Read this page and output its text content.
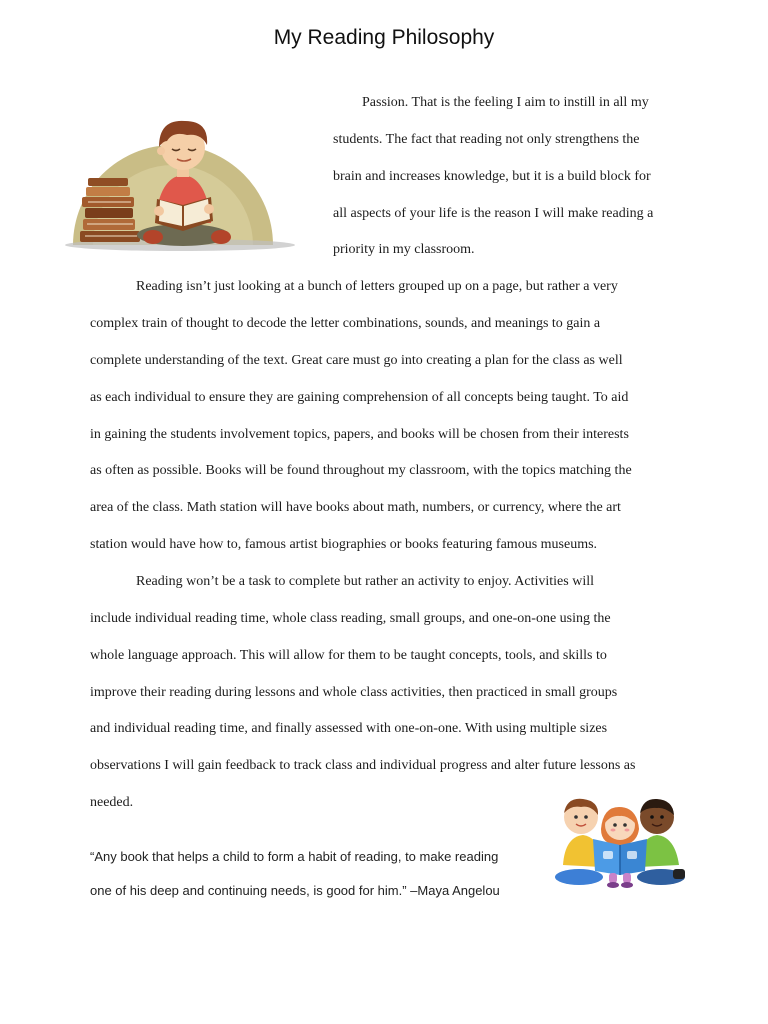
My Reading Philosophy
Passion. That is the feeling I aim to instill in all my
students. The fact that reading not only strengthens the
brain and increases knowledge, but it is a build block for
all aspects of your life is the reason I will make reading a
priority in my classroom.
Reading isn’t just looking at a bunch of letters grouped up on a page, but rather a very
complex train of thought to decode the letter combinations, sounds, and meanings to gain a
complete understanding of the text. Great care must go into creating a plan for the class as well
as each individual to ensure they are gaining comprehension of all concepts being taught. To aid
in gaining the students involvement topics, papers, and books will be chosen from their interests
as often as possible. Books will be found throughout my classroom, with the topics matching the
area of the class. Math station will have books about math, numbers, or currency, where the art
station would have how to, famous artist biographies or books featuring famous museums.
Reading won’t be a task to complete but rather an activity to enjoy. Activities will
include individual reading time, whole class reading, small groups, and one-on-one using the
whole language approach. This will allow for them to be taught concepts, tools, and skills to
improve their reading during lessons and whole class activities, then practiced in small groups
and individual reading time, and finally assessed with one-on-one. With using multiple sizes
observations I will gain feedback to track class and individual progress and alter future lessons as
needed.
“Any book that helps a child to form a habit of reading, to make reading
one of his deep and continuing needs, is good for him.” –Maya Angelou
